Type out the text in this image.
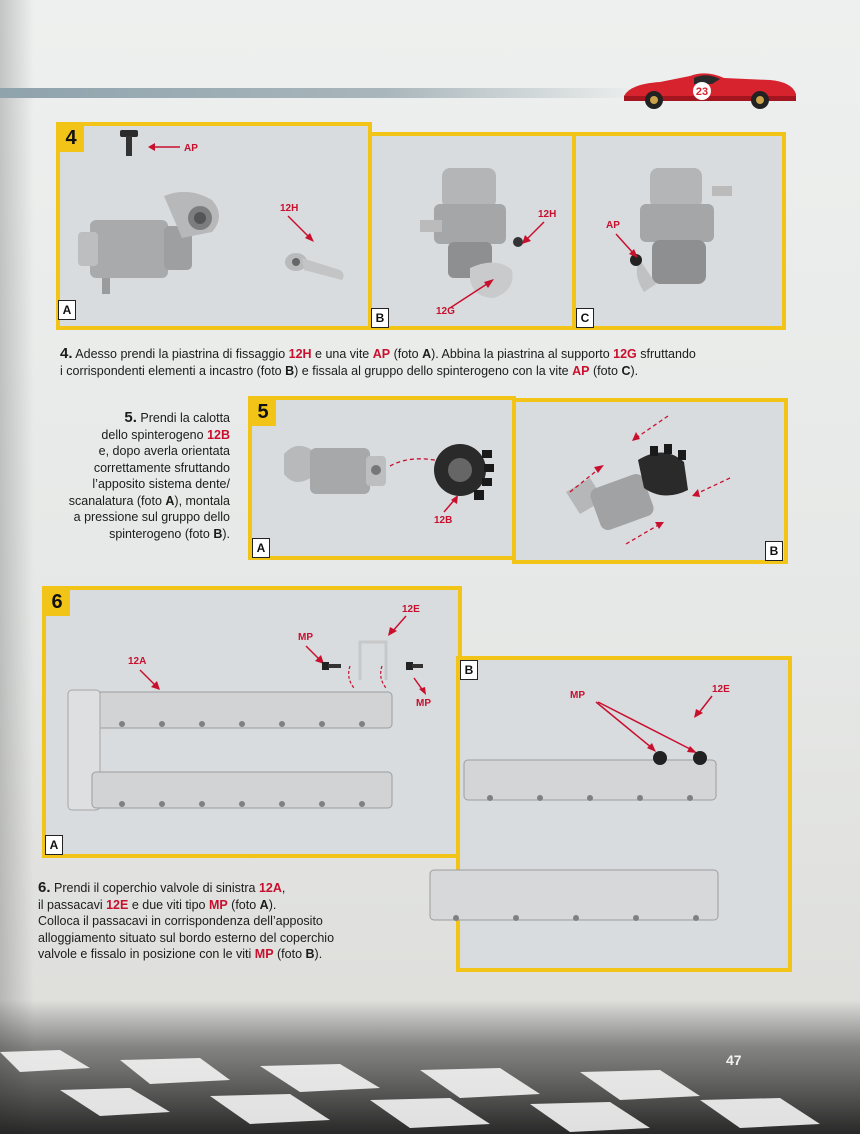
23
4
A
B	C
AP
12H
12H
12G
AP
4. Adesso prendi la piastrina di fissaggio 12H e una vite AP (foto A). Abbina la piastrina al supporto 12G sfruttando
i corrispondenti elementi a incastro (foto B) e fissala al gruppo dello spinterogeno con la vite AP (foto C).
5. Prendi la calotta
dello spinterogeno 12B
e, dopo averla orientata
correttamente sfruttando
l’apposito sistema dente/
scanalatura (foto A), montala
a pressione sul gruppo dello
spinterogeno (foto B).
5
A	B
12B
6
A
B
12A
MP
12E
MP
MP
12E
6. Prendi il coperchio valvole di sinistra 12A,
il passacavi 12E e due viti tipo MP (foto A).
Colloca il passacavi in corrispondenza dell’apposito
alloggiamento situato sul bordo esterno del coperchio
valvole e fissalo in posizione con le viti MP (foto B).
47
